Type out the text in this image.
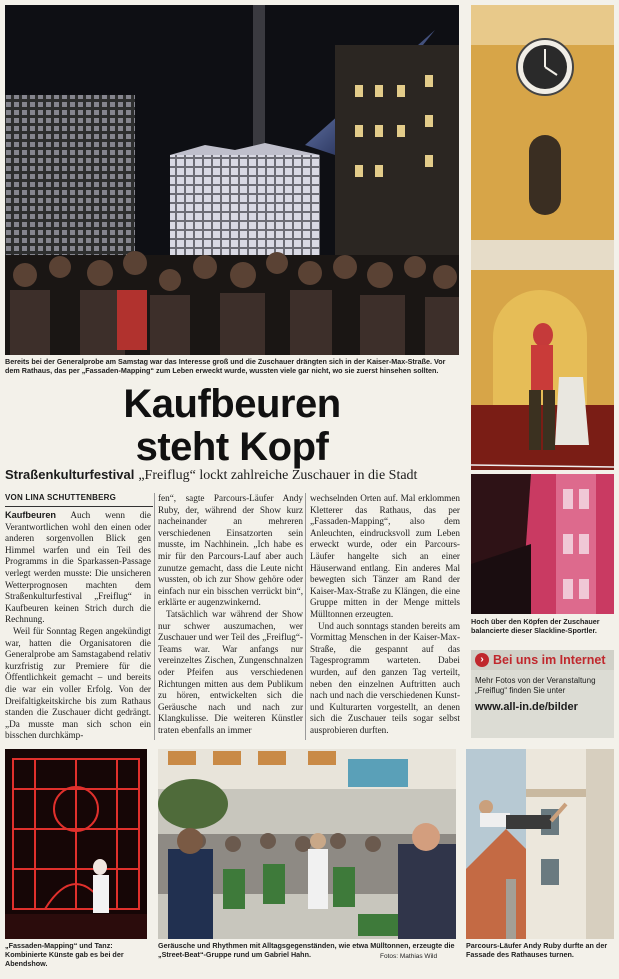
Bereits bei der Generalprobe am Samstag war das Interesse groß und die Zuschauer drängten sich in der Kaiser-Max-Straße. Vor dem Rathaus, das per „Fassaden-Mapping“ zum Leben erweckt wurde, wussten viele gar nicht, wo sie zuerst hinsehen sollten.
Hoch über den Köpfen der Zuschauer balancierte dieser Slackline-Sportler.
› Bei uns im Internet
Mehr Fotos von der Veranstaltung „Freiflug“ finden Sie unter
www.all-in.de/bilder
Kaufbeuren
steht Kopf
Straßenkulturfestival „Freiflug“ lockt zahlreiche Zuschauer in die Stadt
VON LINA SCHUTTENBERG

Kaufbeuren Auch wenn die Verantwortlichen wohl den einen oder anderen sorgenvollen Blick gen Himmel warfen und ein Teil des Programms in die Sparkassen-Passage verlegt werden musste: Die unsicheren Wetterprognosen machten dem Straßenkulturfestival „Freiflug“ in Kaufbeuren keinen Strich durch die Rechnung.

Weil für Sonntag Regen angekündigt war, hatten die Organisatoren die Generalprobe am Samstagabend relativ kurzfristig zur Premiere für die Öffentlichkeit gemacht – und bereits die war ein voller Erfolg. Von der Dreifaltigkeitskirche bis zum Rathaus standen die Zuschauer dicht gedrängt. „Da musste man sich schon ein bisschen durchkämp-

fen“, sagte Parcours-Läufer Andy Ruby, der, während der Show kurz nacheinander an mehreren verschiedenen Einsatzorten sein musste, im Nachhinein. „Ich habe es mir für den Parcours-Lauf aber auch zunutze gemacht, dass die Leute nicht wussten, ob ich zur Show gehöre oder einfach nur ein bisschen verrückt bin“, erklärte er augenzwinkernd.

Tatsächlich war während der Show nur schwer auszumachen, wer Zuschauer und wer Teil des „Freiflug“-Teams war. War anfangs nur vereinzeltes Zischen, Zungenschnalzen oder Pfeifen aus verschiedenen Richtungen mitten aus dem Publikum zu hören, entwickelten sich die Geräusche nach und nach zur Klangkulisse. Die weiteren Künstler traten ebenfalls an immer

wechselnden Orten auf. Mal erklommen Kletterer das Rathaus, das per „Fassaden-Mapping“, also dem Anleuchten, eindrucksvoll zum Leben erweckt wurde, oder ein Parcours-Läufer hangelte sich an einer Häuserwand entlang. Ein anderes Mal bewegten sich Tänzer am Rand der Kaiser-Max-Straße zu Klängen, die eine Gruppe mitten in der Menge mittels Mülltonnen erzeugten.

Und auch sonntags standen bereits am Vormittag Menschen in der Kaiser-Max-Straße, die gespannt auf das Tagesprogramm warteten. Dabei wurden, auf den ganzen Tag verteilt, neben den einzelnen Auftritten auch nach und nach die verschiedenen Kunst- und Kulturarten vorgestellt, an denen sich die Zuschauer teils sogar selbst ausprobieren durften.

„Fassaden-Mapping“ und Tanz: Kombinierte Künste gab es bei der Abendshow.
Geräusche und Rhythmen mit Alltagsgegenständen, wie etwa Mülltonnen, erzeugte die „Street-Beat“-Gruppe rund um Gabriel Hahn.	Fotos: Mathias Wild
Parcours-Läufer Andy Ruby durfte an der Fassade des Rathauses turnen.
